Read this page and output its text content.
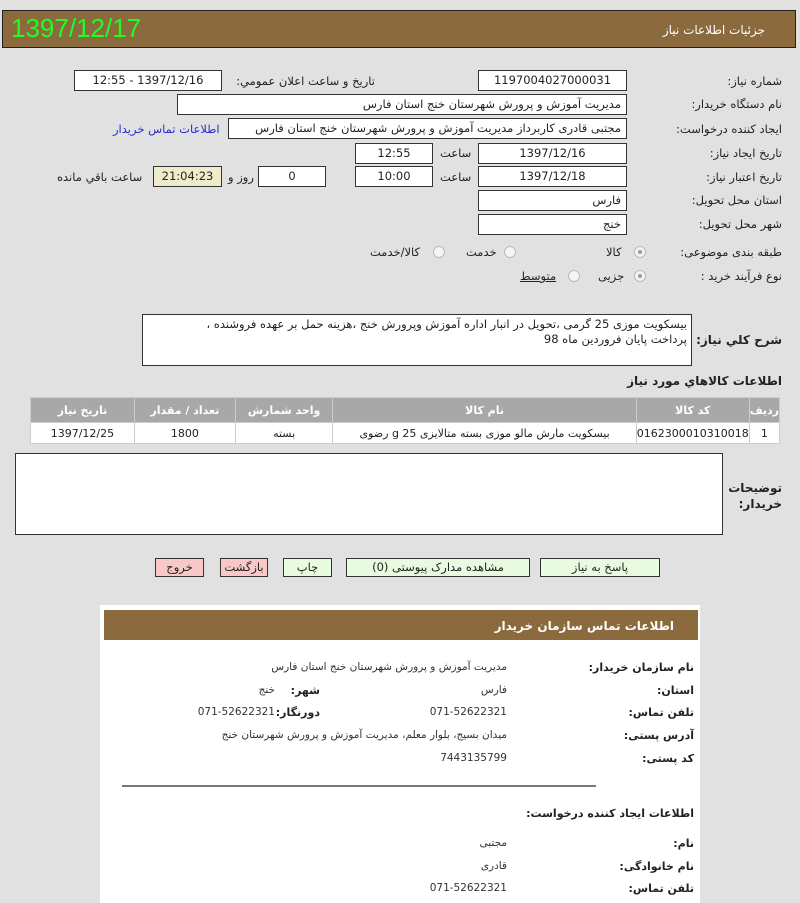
جزئیات اطلاعات نیاز
1397/12/17
شماره نیاز:
1197004027000031
تاریخ و ساعت اعلان عمومي:
1397/12/16 - 12:55
نام دستگاه خریدار:
مدیریت آموزش و پرورش شهرستان خنج استان فارس
ایجاد کننده درخواست:
مجتبی قادری کاربرداز مدیریت آموزش و پرورش شهرستان خنج استان فارس
اطلاعات تماس خریدار
تاریخ ایجاد نیاز:
1397/12/16
ساعت
12:55
تاریخ اعتبار نیاز:
1397/12/18
ساعت
10:00
0
روز و
21:04:23
ساعت باقي مانده
استان محل تحویل:
فارس
شهر محل تحویل:
خنج
طبقه بندی موضوعی:
کالا
خدمت
کالا/خدمت
نوع فرآیند خرید :
جزیی
متوسط
شرح كلي نياز:
بیسکویت موزی 25 گرمی ،تحویل در انبار اداره آموزش وپرورش خنج ،هزینه حمل بر عهده فروشنده ،
پرداخت پایان فروردین ماه 98
اطلاعات كالاهاي مورد نياز
ردیف	کد کالا	نام کالا	واحد شمارش	تعداد / مقدار	تاریخ نیاز
1	0162300010310018	بیسکویت مارش مالو موزی بسته متالایزی 25 g رضوی	بسته	1800	1397/12/25
توضیحات خریدار:
پاسخ به نیاز
مشاهده مدارک پیوستی (0)
چاپ
بازگشت
خروج
اطلاعات تماس سازمان خریدار
نام سازمان خریدار:
مدیریت آموزش و پرورش شهرستان خنج استان فارس
استان:
فارس
شهر:
خنج
تلفن تماس:
071-52622321
دورنگار:
071-52622321
آدرس پستی:
میدان بسیج، بلوار معلم، مدیریت آموزش و پرورش شهرستان خنج
کد پستی:
7443135799
اطلاعات ایجاد کننده درخواست:
نام:
مجتبی
نام خانوادگی:
قادری
تلفن تماس:
071-52622321
